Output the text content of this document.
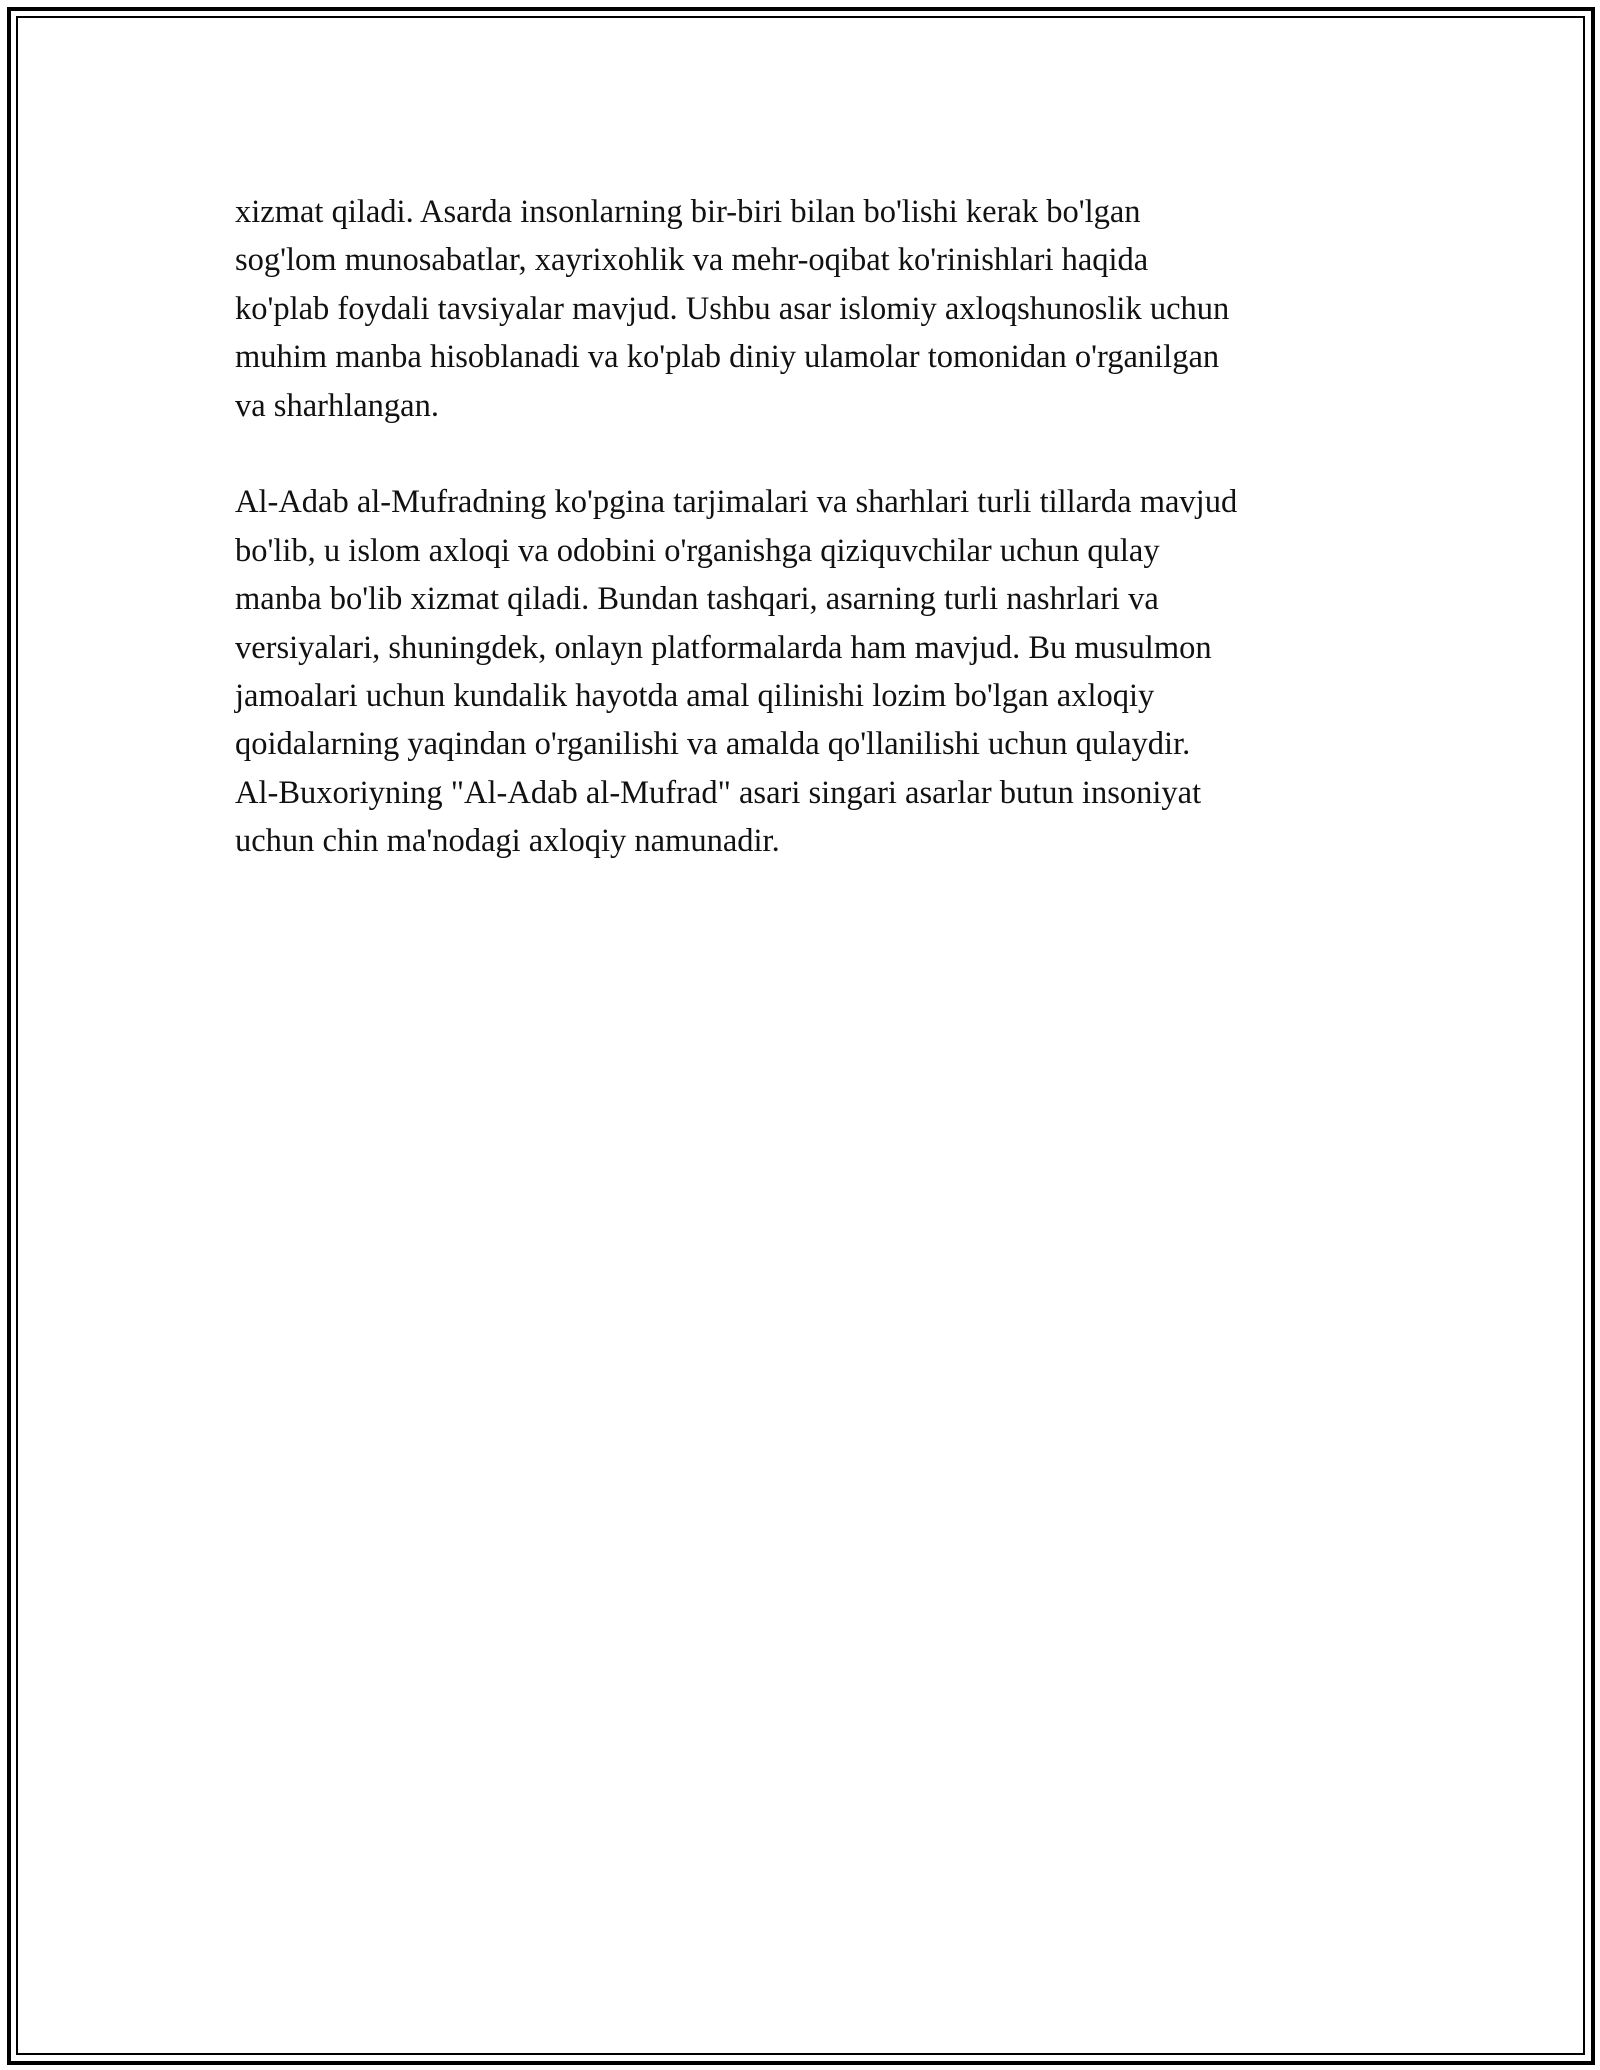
xizmat qiladi. Asarda insonlarning bir-biri bilan bo'lishi kerak bo'lgan
sog'lom munosabatlar, xayrixohlik va mehr-oqibat ko'rinishlari haqida
ko'plab foydali tavsiyalar mavjud. Ushbu asar islomiy axloqshunoslik uchun
muhim manba hisoblanadi va ko'plab diniy ulamolar tomonidan o'rganilgan
va sharhlangan.
Al-Adab al-Mufradning ko'pgina tarjimalari va sharhlari turli tillarda mavjud
bo'lib, u islom axloqi va odobini o'rganishga qiziquvchilar uchun qulay
manba bo'lib xizmat qiladi. Bundan tashqari, asarning turli nashrlari va
versiyalari, shuningdek, onlayn platformalarda ham mavjud. Bu musulmon
jamoalari uchun kundalik hayotda amal qilinishi lozim bo'lgan axloqiy
qoidalarning yaqindan o'rganilishi va amalda qo'llanilishi uchun qulaydir.
Al-Buxoriyning "Al-Adab al-Mufrad" asari singari asarlar butun insoniyat
uchun chin ma'nodagi axloqiy namunadir.
